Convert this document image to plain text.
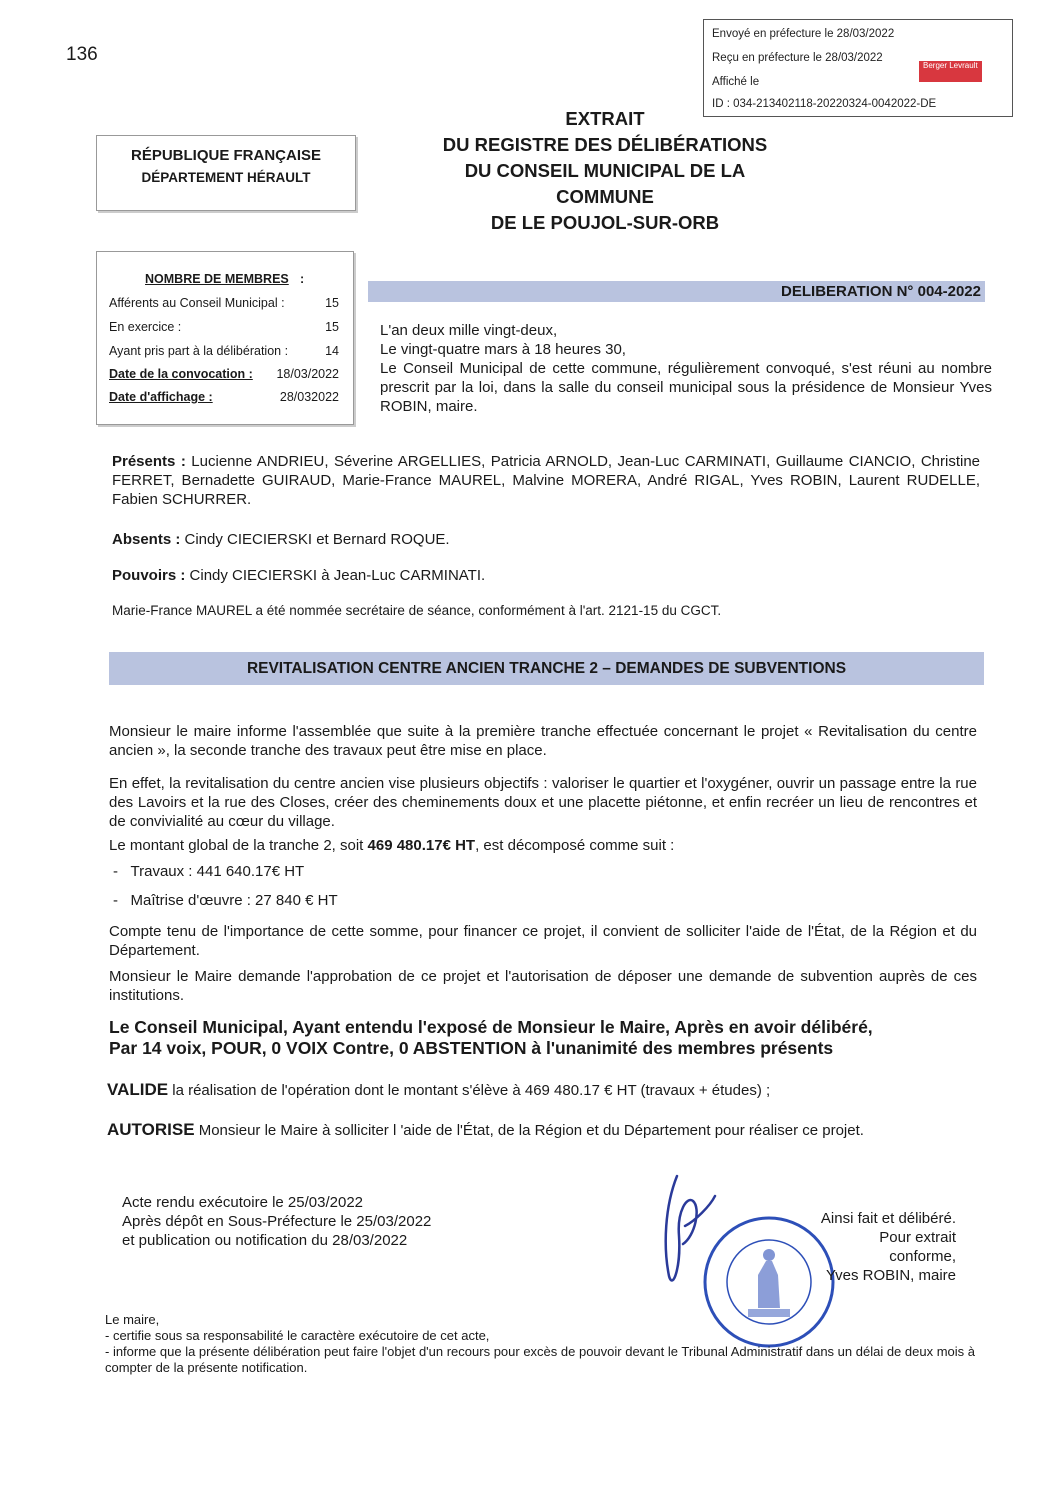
136
Envoyé en préfecture le 28/03/2022
Reçu en préfecture le 28/03/2022
Affiché le
ID : 034-213402118-20220324-0042022-DE
Berger Levrault
EXTRAIT
DU REGISTRE DES DÉLIBÉRATIONS
DU CONSEIL MUNICIPAL DE LA
COMMUNE
DE LE POUJOL-SUR-ORB
RÉPUBLIQUE FRANÇAISE
DÉPARTEMENT HÉRAULT
NOMBRE DE MEMBRES :
Afférents au Conseil Municipal :	15
En exercice :	15
Ayant pris part à la délibération :	14
Date de la convocation : 18/03/2022
Date d'affichage :	28/032022
DELIBERATION N° 004-2022

L'an deux mille vingt-deux,

Le vingt-quatre mars à 18 heures 30,

Le Conseil Municipal de cette commune, régulièrement convoqué, s'est réuni au nombre prescrit par la loi, dans la salle du conseil municipal sous la présidence de Monsieur Yves ROBIN, maire.

Présents : Lucienne ANDRIEU, Séverine ARGELLIES, Patricia ARNOLD, Jean-Luc CARMINATI, Guillaume CIANCIO, Christine FERRET, Bernadette GUIRAUD, Marie-France MAUREL, Malvine MORERA, André RIGAL, Yves ROBIN, Laurent RUDELLE, Fabien SCHURRER.
Absents : Cindy CIECIERSKI et Bernard ROQUE.
Pouvoirs : Cindy CIECIERSKI à Jean-Luc CARMINATI.
Marie-France MAUREL a été nommée secrétaire de séance, conformément à l'art. 2121-15 du CGCT.
REVITALISATION CENTRE ANCIEN TRANCHE 2 – DEMANDES DE SUBVENTIONS
Monsieur le maire informe l'assemblée que suite à la première tranche effectuée concernant le projet « Revitalisation du centre ancien », la seconde tranche des travaux peut être mise en place.
En effet, la revitalisation du centre ancien vise plusieurs objectifs : valoriser le quartier et l'oxygéner, ouvrir un passage entre la rue des Lavoirs et la rue des Closes, créer des cheminements doux et une placette piétonne, et enfin recréer un lieu de rencontres et de convivialité au cœur du village.
Le montant global de la tranche 2, soit 469 480.17€ HT, est décomposé comme suit :
-   Travaux : 441 640.17€ HT
-   Maîtrise d'œuvre : 27 840 € HT
Compte tenu de l'importance de cette somme, pour financer ce projet, il convient de solliciter l'aide de l'État, de la Région et du Département.
Monsieur le Maire demande l'approbation de ce projet et l'autorisation de déposer une demande de subvention auprès de ces institutions.
Le Conseil Municipal, Ayant entendu l'exposé de Monsieur le Maire, Après en avoir délibéré,
Par 14 voix, POUR, 0 VOIX Contre, 0 ABSTENTION à l'unanimité des membres présents
VALIDE la réalisation de l'opération dont le montant s'élève à 469 480.17 € HT (travaux + études) ;
AUTORISE Monsieur le Maire à solliciter l 'aide de l'État, de la Région et du Département pour réaliser ce projet.
Acte rendu exécutoire le 25/03/2022
Après dépôt en Sous-Préfecture le 25/03/2022
et publication ou notification du 28/03/2022
Ainsi fait et délibéré.
Pour extrait conforme,
Yves ROBIN, maire

Le maire,

- certifie sous sa responsabilité le caractère exécutoire de cet acte,

- informe que la présente délibération peut faire l'objet d'un recours pour excès de pouvoir devant le Tribunal Administratif dans un délai de deux mois à compter de la présente notification.
